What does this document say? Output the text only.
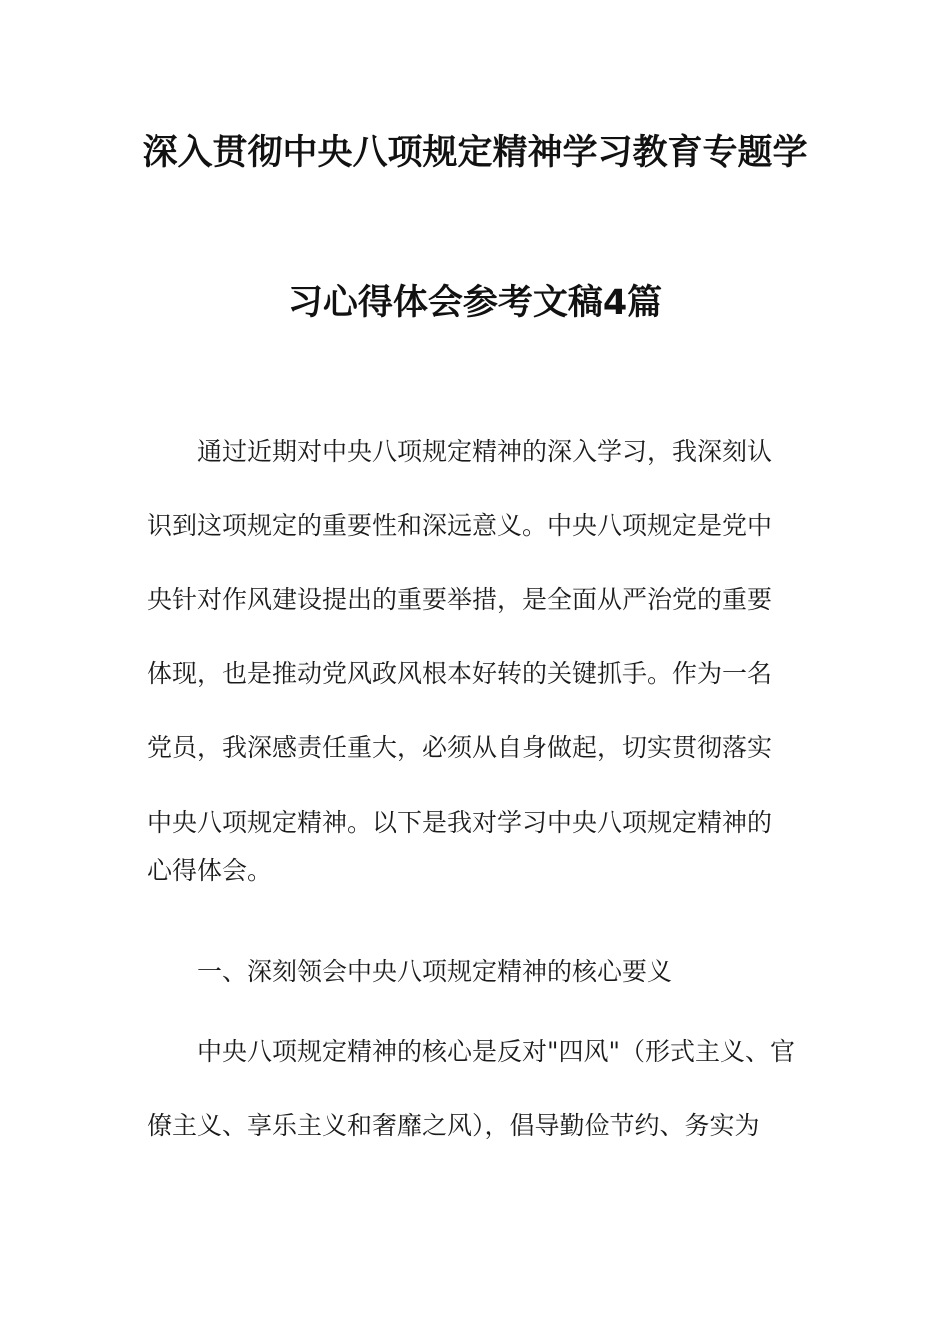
深入贯彻中央八项规定精神学习教育专题学
习心得体会参考文稿4篇
通过近期对中央八项规定精神的深入学习，我深刻认
识到这项规定的重要性和深远意义。中央八项规定是党中
央针对作风建设提出的重要举措，是全面从严治党的重要
体现，也是推动党风政风根本好转的关键抓手。作为一名
党员，我深感责任重大，必须从自身做起，切实贯彻落实
中央八项规定精神。以下是我对学习中央八项规定精神的
心得体会。
一、深刻领会中央八项规定精神的核心要义
中央八项规定精神的核心是反对"四风"（形式主义、官
僚主义、享乐主义和奢靡之风），倡导勤俭节约、务实为
